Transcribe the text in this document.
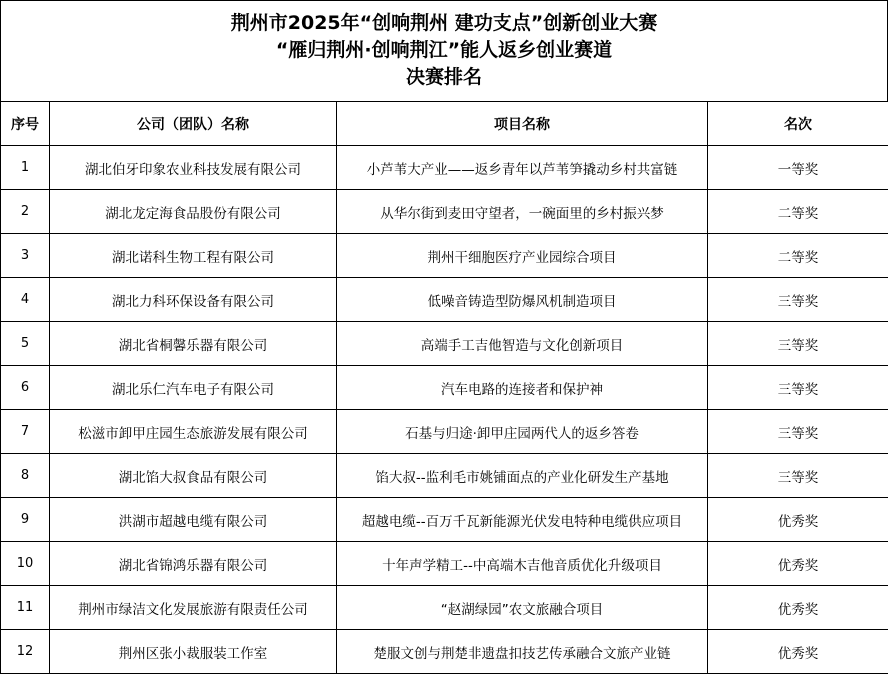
荆州市2025年“创响荆州 建功支点”创新创业大赛
“雁归荆州·创响荆江”能人返乡创业赛道
决赛排名
序号	公司（团队）名称	项目名称	名次
1	湖北伯牙印象农业科技发展有限公司	小芦苇大产业——返乡青年以芦苇笋撬动乡村共富链	一等奖
2	湖北龙定海食品股份有限公司	从华尔街到麦田守望者，一碗面里的乡村振兴梦	二等奖
3	湖北诺科生物工程有限公司	荆州干细胞医疗产业园综合项目	二等奖
4	湖北力科环保设备有限公司	低噪音铸造型防爆风机制造项目	三等奖
5	湖北省桐馨乐器有限公司	高端手工吉他智造与文化创新项目	三等奖
6	湖北乐仁汽车电子有限公司	汽车电路的连接者和保护神	三等奖
7	松滋市卸甲庄园生态旅游发展有限公司	石基与归途·卸甲庄园两代人的返乡答卷	三等奖
8	湖北馅大叔食品有限公司	馅大叔--监利毛市姚铺面点的产业化研发生产基地	三等奖
9	洪湖市超越电缆有限公司	超越电缆--百万千瓦新能源光伏发电特种电缆供应项目	优秀奖
10	湖北省锦鸿乐器有限公司	十年声学精工--中高端木吉他音质优化升级项目	优秀奖
11	荆州市绿洁文化发展旅游有限责任公司	“赵湖绿园”农文旅融合项目	优秀奖
12	荆州区张小裁服装工作室	楚服文创与荆楚非遗盘扣技艺传承融合文旅产业链	优秀奖
